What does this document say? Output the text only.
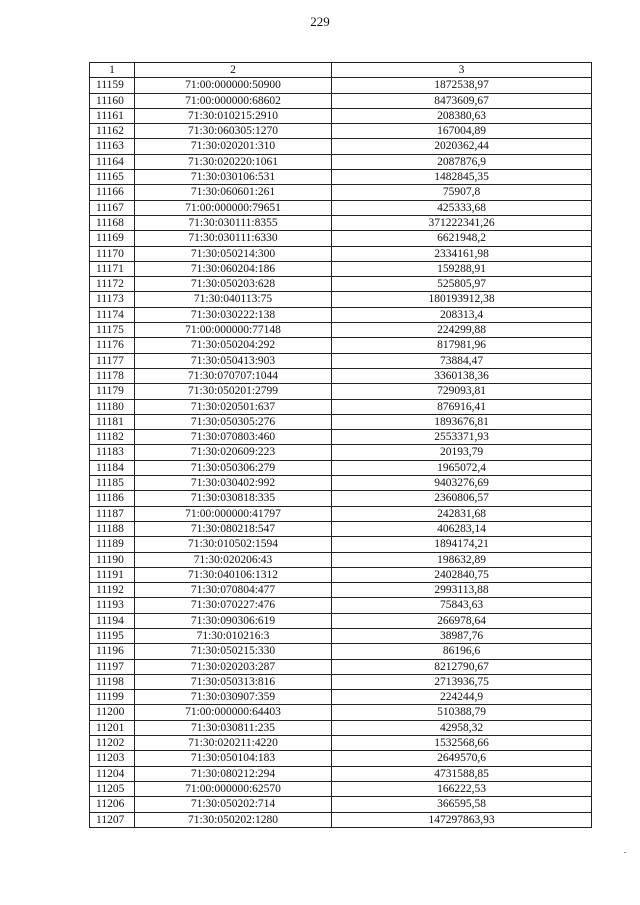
229
1	2	3
11159	71:00:000000:50900	1872538,97
11160	71:00:000000:68602	8473609,67
11161	71:30:010215:2910	208380,63
11162	71:30:060305:1270	167004,89
11163	71:30:020201:310	2020362,44
11164	71:30:020220:1061	2087876,9
11165	71:30:030106:531	1482845,35
11166	71:30:060601:261	75907,8
11167	71:00:000000:79651	425333,68
11168	71:30:030111:8355	371222341,26
11169	71:30:030111:6330	6621948,2
11170	71:30:050214:300	2334161,98
11171	71:30:060204:186	159288,91
11172	71:30:050203:628	525805,97
11173	71:30:040113:75	180193912,38
11174	71:30:030222:138	208313,4
11175	71:00:000000:77148	224299,88
11176	71:30:050204:292	817981,96
11177	71:30:050413:903	73884,47
11178	71:30:070707:1044	3360138,36
11179	71:30:050201:2799	729093,81
11180	71:30:020501:637	876916,41
11181	71:30:050305:276	1893676,81
11182	71:30:070803:460	2553371,93
11183	71:30:020609:223	20193,79
11184	71:30:050306:279	1965072,4
11185	71:30:030402:992	9403276,69
11186	71:30:030818:335	2360806,57
11187	71:00:000000:41797	242831,68
11188	71:30:080218:547	406283,14
11189	71:30:010502:1594	1894174,21
11190	71:30:020206:43	198632,89
11191	71:30:040106:1312	2402840,75
11192	71:30:070804:477	2993113,88
11193	71:30:070227:476	75843,63
11194	71:30:090306:619	266978,64
11195	71:30:010216:3	38987,76
11196	71:30:050215:330	86196,6
11197	71:30:020203:287	8212790,67
11198	71:30:050313:816	2713936,75
11199	71:30:030907:359	224244,9
11200	71:00:000000:64403	510388,79
11201	71:30:030811:235	42958,32
11202	71:30:020211:4220	1532568,66
11203	71:30:050104:183	2649570,6
11204	71:30:080212:294	4731588,85
11205	71:00:000000:62570	166222,53
11206	71:30:050202:714	366595,58
11207	71:30:050202:1280	147297863,93
